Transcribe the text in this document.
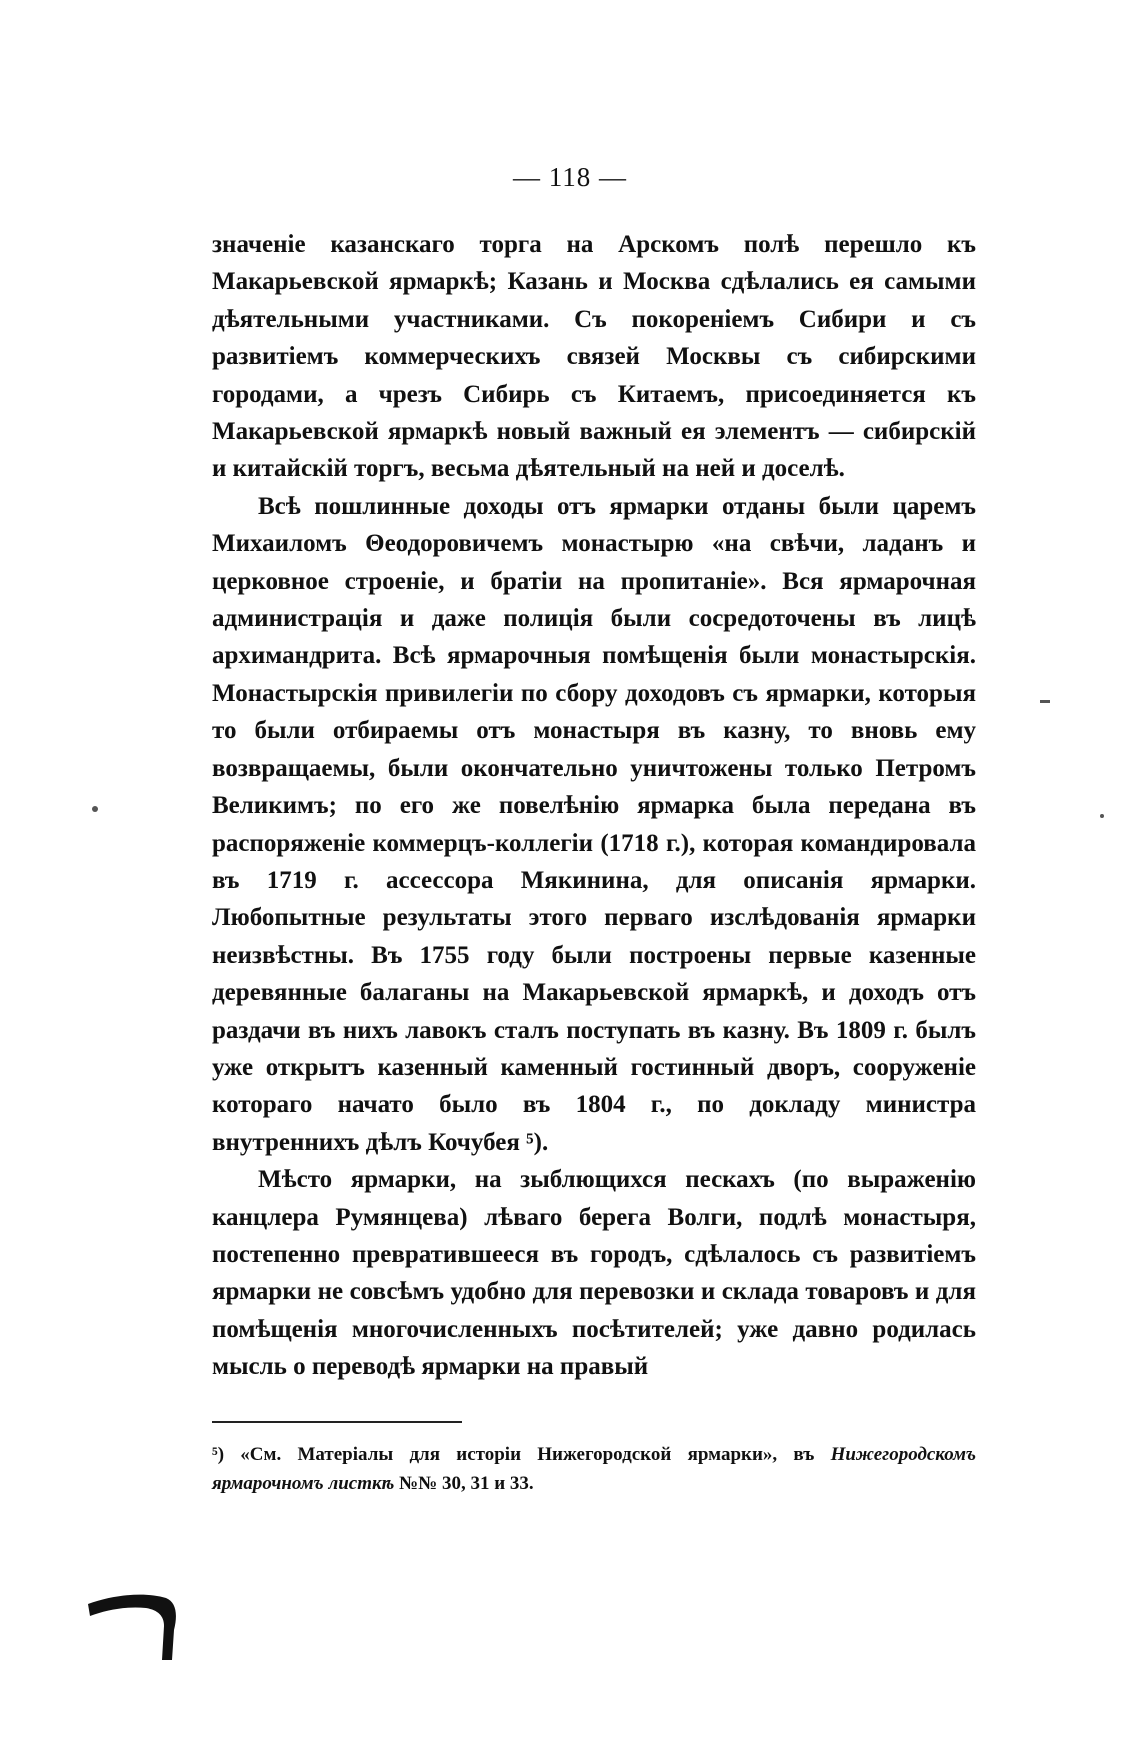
— 118 —

значеніе казанскаго торга на Арскомъ полѣ перешло къ Макарьевской ярмаркѣ; Казань и Москва сдѣлались ея самыми дѣятельными участниками. Съ покореніемъ Сибири и съ развитіемъ коммерческихъ связей Москвы съ сибирскими городами, а чрезъ Сибирь съ Китаемъ, присоединяется къ Макарьевской ярмаркѣ новый важный ея элементъ — сибирскій и китайскій торгъ, весьма дѣятельный на ней и доселѣ.

Всѣ пошлинные доходы отъ ярмарки отданы были царемъ Михаиломъ Θеодоровичемъ монастырю «на свѣчи, ладанъ и церковное строеніе, и братіи на пропитаніе». Вся ярмарочная администрація и даже полиція были сосредоточены въ лицѣ архимандрита. Всѣ ярмарочныя помѣщенія были монастырскія. Монастырскія привилегіи по сбору доходовъ съ ярмарки, которыя то были отбираемы отъ монастыря въ казну, то вновь ему возвращаемы, были окончательно уничтожены только Петромъ Великимъ; по его же повелѣнію ярмарка была передана въ распоряженіе коммерцъ-коллегіи (1718 г.), которая командировала въ 1719 г. ассессора Мякинина, для описанія ярмарки. Любопытные результаты этого перваго изслѣдованія ярмарки неизвѣстны. Въ 1755 году были построены первые казенные деревянные балаганы на Макарьевской ярмаркѣ, и доходъ отъ раздачи въ нихъ лавокъ сталъ поступать въ казну. Въ 1809 г. былъ уже открытъ казенный каменный гостинный дворъ, сооруженіе котораго начато было въ 1804 г., по докладу министра внутреннихъ дѣлъ Кочубея ⁵).

Мѣсто ярмарки, на зыблющихся пескахъ (по выраженію канцлера Румянцева) лѣваго берега Волги, подлѣ монастыря, постепенно превратившееся въ городъ, сдѣлалось съ развитіемъ ярмарки не совсѣмъ удобно для перевозки и склада товаровъ и для помѣщенія многочисленныхъ посѣтителей; уже давно родилась мысль о переводѣ ярмарки на правый

⁵) «См. Матеріалы для исторіи Нижегородской ярмарки», въ Нижегородскомъ ярмарочномъ листкѣ №№ 30, 31 и 33.
